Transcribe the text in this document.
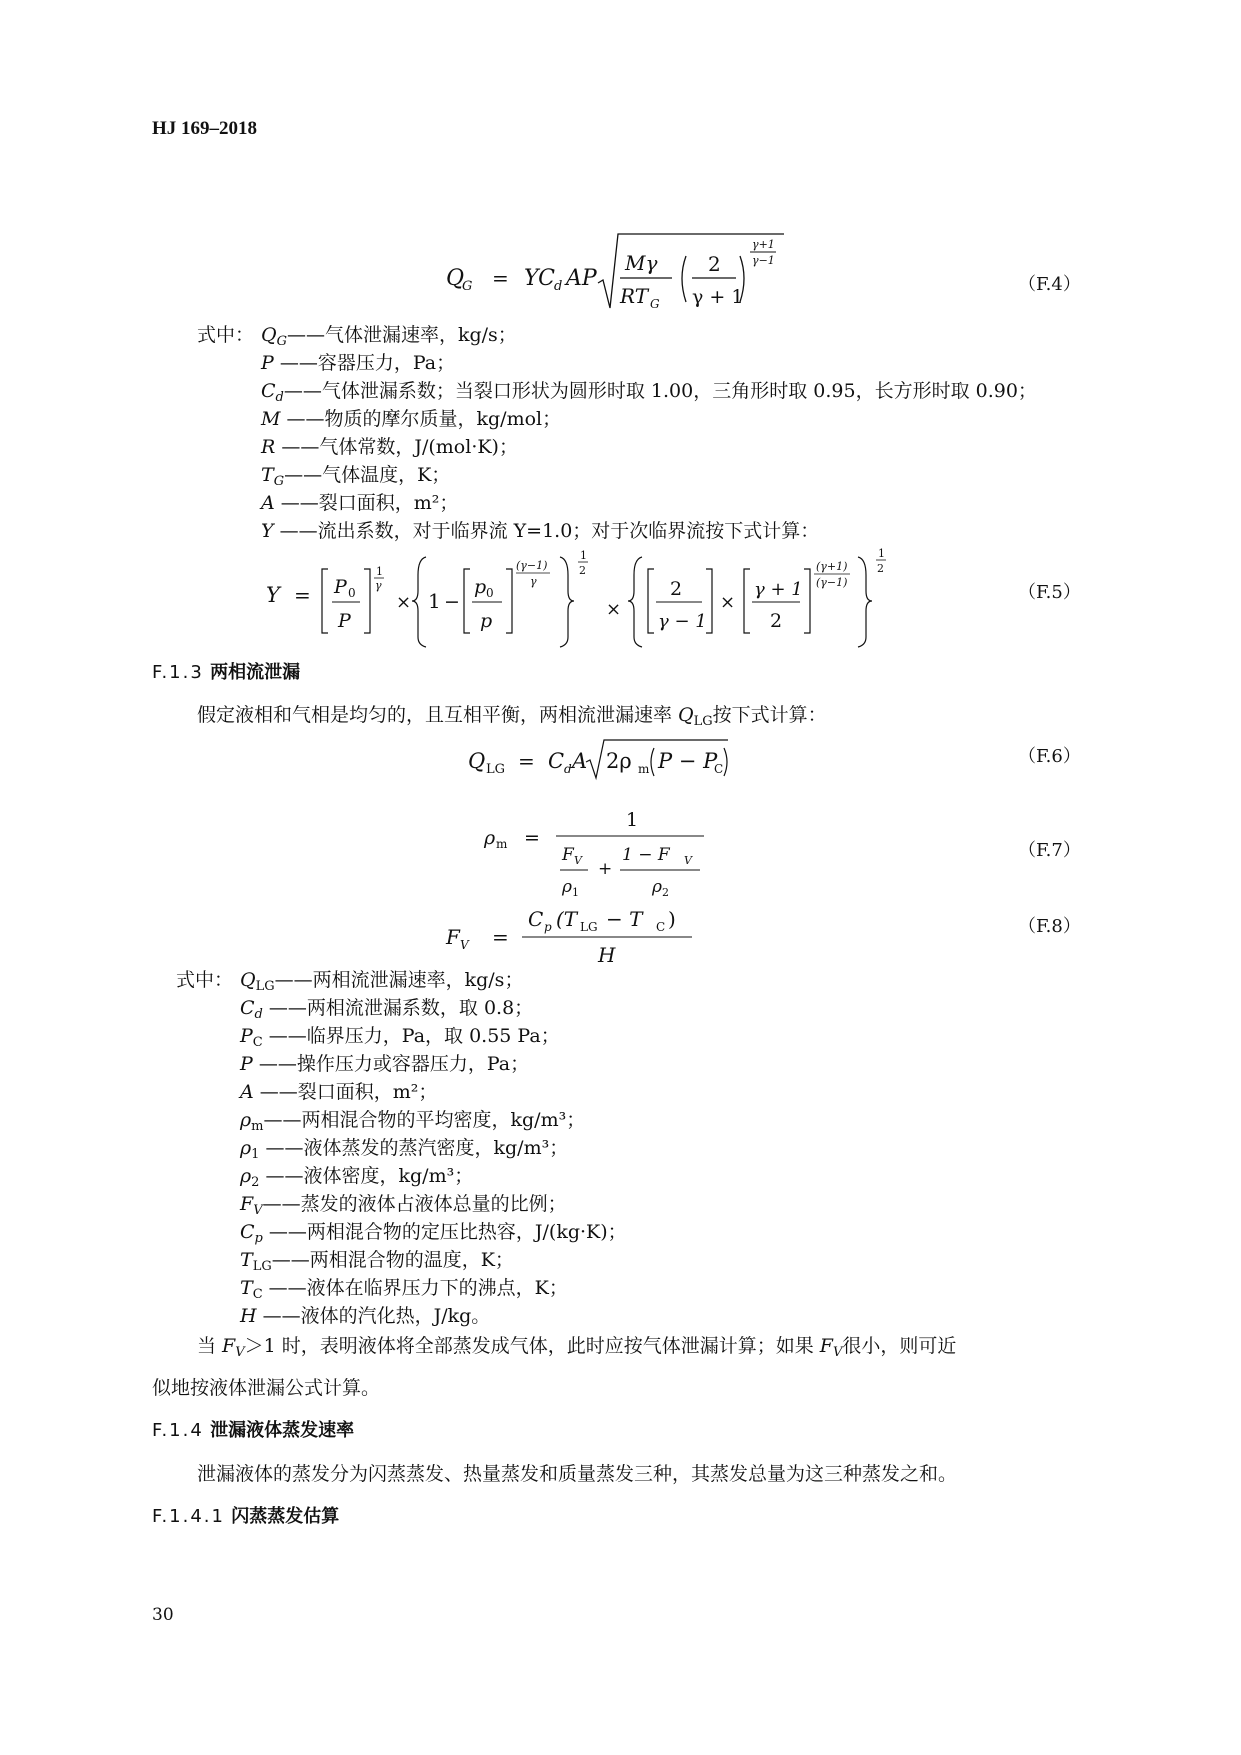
HJ 169–2018
Q
G = YC d AP
Mγ
RT G
2
γ + 1
γ+1
γ−1
（F.4）
式中： $Q_G——$气体泄漏速率，kg/s；
P ——容器压力，Pa；
$C_d——$气体泄漏系数；当裂口形状为圆形时取 1.00，三角形时取 0.95，长方形时取 0.90；
M ——物质的摩尔质量，kg/mol；
R ——气体常数，J/(mol·K)；
$T_G——$气体温度，K；
A ——裂口面积，m²；
Y ——流出系数，对于临界流 Y=1.0；对于次临界流按下式计算：
Y = P 0
P
1
γ
× 1 −
p 0
p
(γ−1)
γ
1
2
×
2
γ − 1
×
γ + 1
2
(γ+1)
(γ−1)
1
2
（F.5）
F.1.3 两相流泄漏
假定液相和气相是均匀的，且互相平衡，两相流泄漏速率 $Q_{LG}$按下式计算：
Q LG = C d A 2ρ m P − P
C
（F.6）
ρ m =
1
F V
ρ 1
+
1 − F V
ρ 2
（F.7）
F V =
C p (T LG − T C )
H
（F.8）
式中： $Q_{LG}——$两相流泄漏速率，kg/s；
$C_d$ ——两相流泄漏系数，取 0.8；
$P_C$ ——临界压力，Pa，取 0.55 Pa；
P ——操作压力或容器压力，Pa；
A ——裂口面积，m²；
$\rho_m——$两相混合物的平均密度，kg/m³；
$\rho_1$ ——液体蒸发的蒸汽密度，kg/m³；
$\rho_2$ ——液体密度，kg/m³；
$F_V——$蒸发的液体占液体总量的比例；
$C_p$ ——两相混合物的定压比热容，J/(kg·K)；
$T_{LG}——$两相混合物的温度，K；
$T_C$ ——液体在临界压力下的沸点，K；
H ——液体的汽化热，J/kg。
当 $F_V>1$ 时，表明液体将全部蒸发成气体，此时应按气体泄漏计算；如果 $F_V$很小，则可近
似地按液体泄漏公式计算。
F.1.4 泄漏液体蒸发速率
泄漏液体的蒸发分为闪蒸蒸发、热量蒸发和质量蒸发三种，其蒸发总量为这三种蒸发之和。
F.1.4.1 闪蒸蒸发估算
30
